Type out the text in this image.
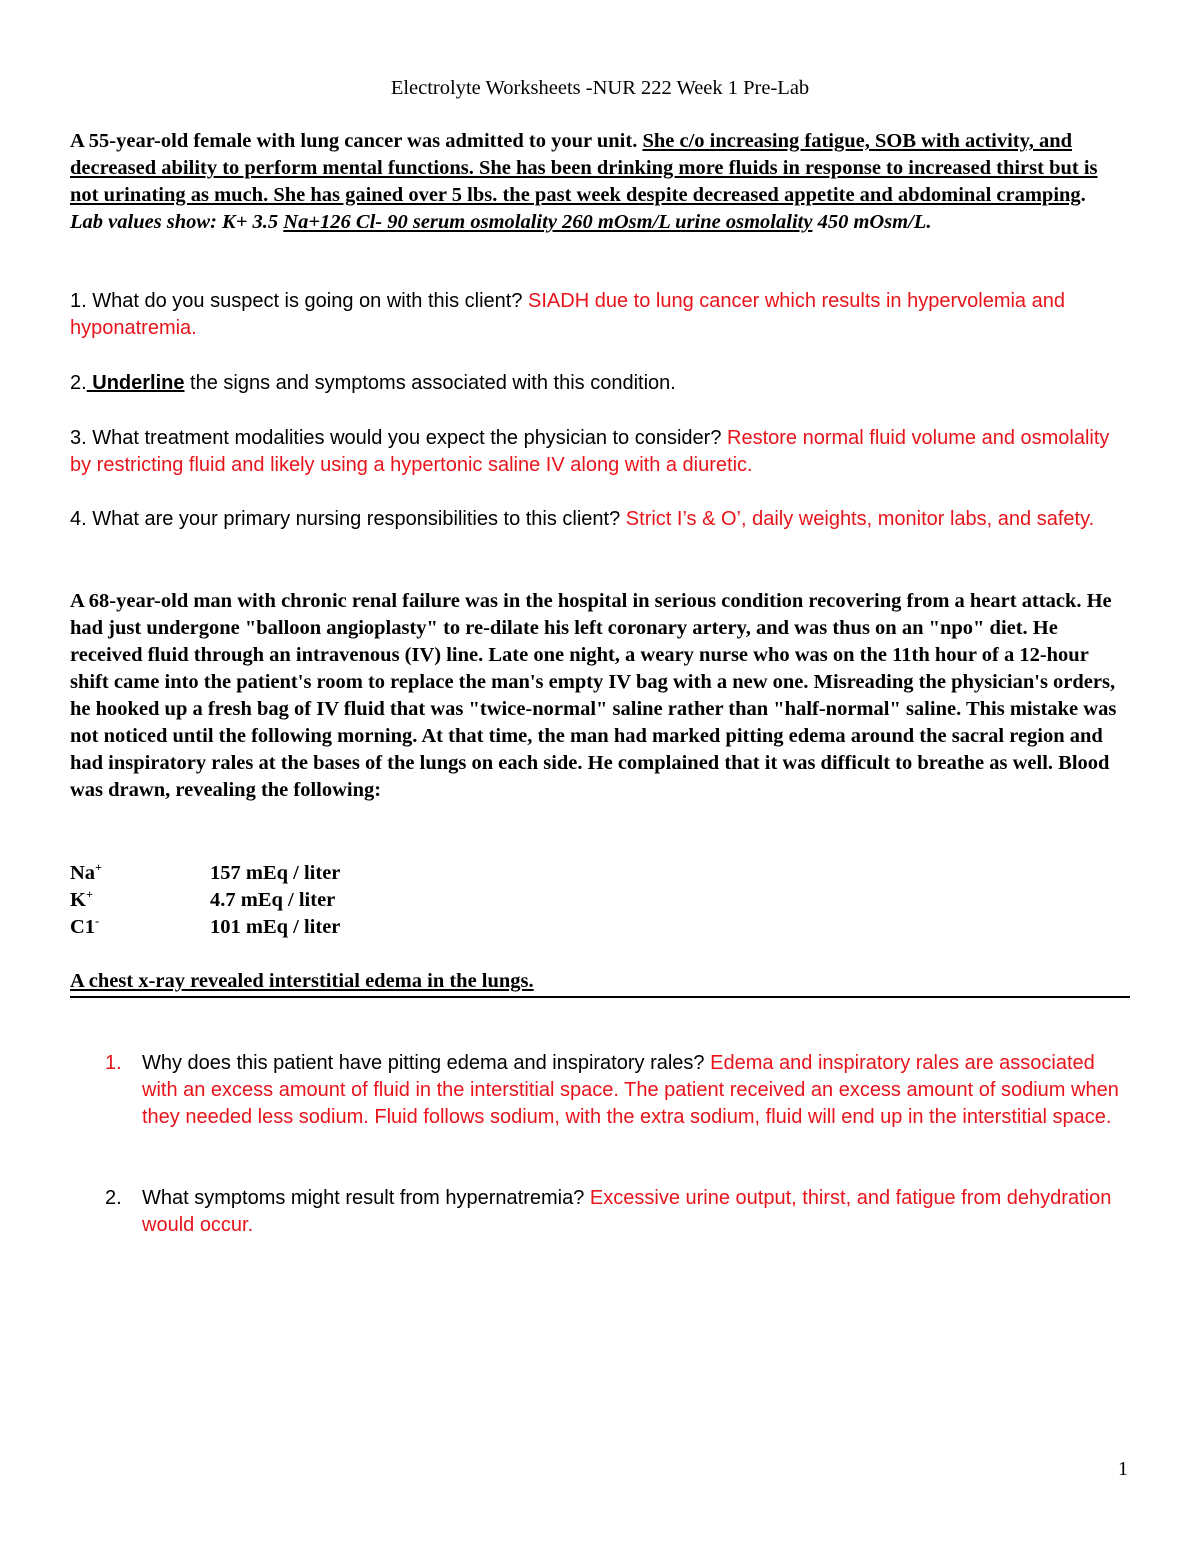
Electrolyte Worksheets -NUR 222 Week 1 Pre-Lab
A 55-year-old female with lung cancer was admitted to your unit. She c/o increasing fatigue, SOB with activity, and decreased ability to perform mental functions. She has been drinking more fluids in response to increased thirst but is not urinating as much. She has gained over 5 lbs. the past week despite decreased appetite and abdominal cramping.
Lab values show: K+ 3.5 Na+126 Cl- 90 serum osmolality 260 mOsm/L urine osmolality 450 mOsm/L.
1. What do you suspect is going on with this client? SIADH due to lung cancer which results in hypervolemia and hyponatremia.
2. Underline the signs and symptoms associated with this condition.
3. What treatment modalities would you expect the physician to consider? Restore normal fluid volume and osmolality by restricting fluid and likely using a hypertonic saline IV along with a diuretic.
4. What are your primary nursing responsibilities to this client? Strict I’s & O’, daily weights, monitor labs, and safety.
A 68-year-old man with chronic renal failure was in the hospital in serious condition recovering from a heart attack. He had just undergone "balloon angioplasty" to re-dilate his left coronary artery, and was thus on an "npo" diet. He received fluid through an intravenous (IV) line. Late one night, a weary nurse who was on the 11th hour of a 12-hour shift came into the patient's room to replace the man's empty IV bag with a new one. Misreading the physician's orders, he hooked up a fresh bag of IV fluid that was "twice-normal" saline rather than "half-normal" saline. This mistake was not noticed until the following morning. At that time, the man had marked pitting edema around the sacral region and had inspiratory rales at the bases of the lungs on each side. He complained that it was difficult to breathe as well. Blood was drawn, revealing the following:
Na+	157 mEq / liter
K+	4.7 mEq / liter
C1-	101 mEq / liter
A chest x-ray revealed interstitial edema in the lungs.
1. Why does this patient have pitting edema and inspiratory rales? Edema and inspiratory rales are associated with an excess amount of fluid in the interstitial space. The patient received an excess amount of sodium when they needed less sodium. Fluid follows sodium, with the extra sodium, fluid will end up in the interstitial space.
2. What symptoms might result from hypernatremia? Excessive urine output, thirst, and fatigue from dehydration would occur.
1
